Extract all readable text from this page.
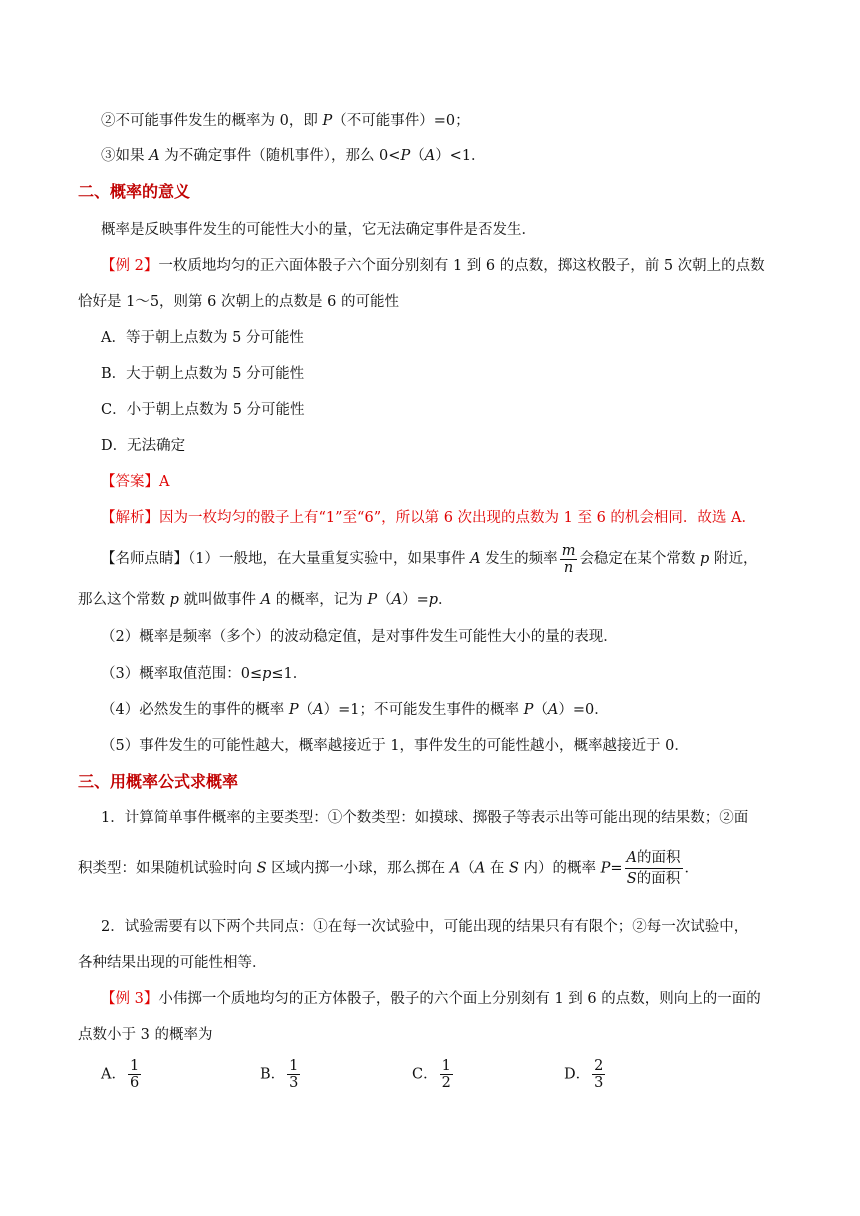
②不可能事件发生的概率为 0，即 P（不可能事件）=0；
③如果 A 为不确定事件（随机事件），那么 0<P（A）<1．
二、概率的意义
概率是反映事件发生的可能性大小的量，它无法确定事件是否发生．
【例 2】一枚质地均匀的正六面体骰子六个面分别刻有 1 到 6 的点数，掷这枚骰子，前 5 次朝上的点数
恰好是 1～5，则第 6 次朝上的点数是 6 的可能性
A．等于朝上点数为 5 分可能性
B．大于朝上点数为 5 分可能性
C．小于朝上点数为 5 分可能性
D．无法确定
【答案】A
【解析】因为一枚均匀的骰子上有“1”至“6”，所以第 6 次出现的点数为 1 至 6 的机会相同．故选 A．
【名师点睛】（1）一般地，在大量重复实验中，如果事件 A 发生的频率 $\frac{m}{n}$ 会稳定在某个常数 p 附近，
那么这个常数 p 就叫做事件 A 的概率，记为 P（A）=p．
（2）概率是频率（多个）的波动稳定值，是对事件发生可能性大小的量的表现．
（3）概率取值范围：0≤p≤1．
（4）必然发生的事件的概率 P（A）=1；不可能发生事件的概率 P（A）=0．
（5）事件发生的可能性越大，概率越接近于 1，事件发生的可能性越小，概率越接近于 0．
三、用概率公式求概率
1．计算简单事件概率的主要类型：①个数类型：如摸球、掷骰子等表示出等可能出现的结果数；②面
积类型：如果随机试验时向 S 区域内掷一小球，那么掷在 A（A 在 S 内）的概率 $P= \frac{\text{A的面积}}{\text{S的面积}}$ ．
2．试验需要有以下两个共同点：①在每一次试验中，可能出现的结果只有有限个；②每一次试验中，
各种结果出现的可能性相等．
【例 3】小伟掷一个质地均匀的正方体骰子，骰子的六个面上分别刻有 1 到 6 的点数，则向上的一面的
点数小于 3 的概率为
A． $\frac{1}{6}$	B． $\frac{1}{3}$	C． $\frac{1}{2}$	D． $\frac{2}{3}$
